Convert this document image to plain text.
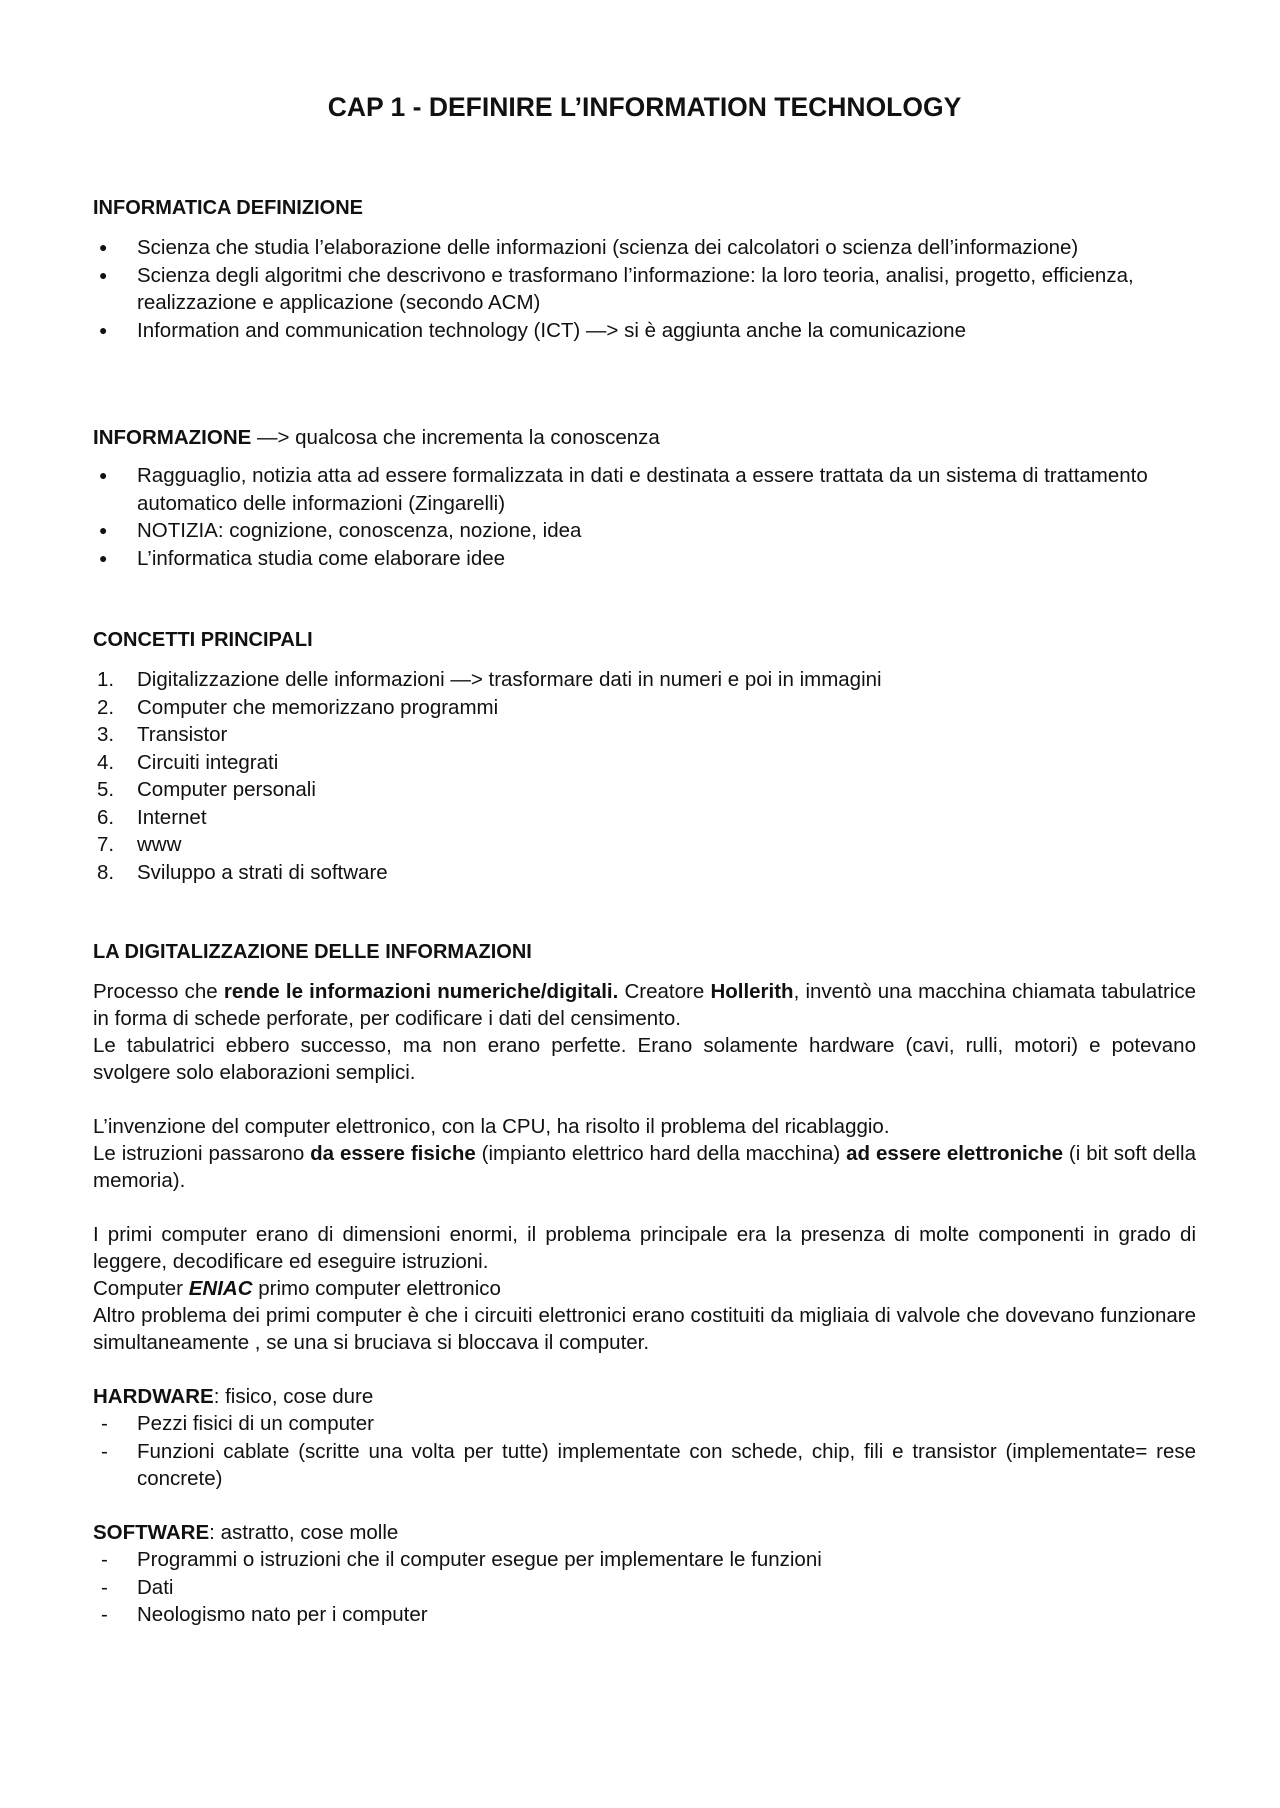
CAP 1 - DEFINIRE L’INFORMATION TECHNOLOGY
INFORMATICA DEFINIZIONE
● Scienza che studia l’elaborazione delle informazioni (scienza dei calcolatori o scienza dell’informazione)
● Scienza degli algoritmi che descrivono e trasformano l’informazione: la loro teoria, analisi, progetto, efficienza, realizzazione e applicazione (secondo ACM)
● Information and communication technology (ICT) —> si è aggiunta anche la comunicazione

INFORMAZIONE —> qualcosa che incrementa la conoscenza

● Ragguaglio, notizia atta ad essere formalizzata in dati e destinata a essere trattata da un sistema di trattamento automatico delle informazioni (Zingarelli)
● NOTIZIA: cognizione, conoscenza, nozione, idea
● L’informatica studia come elaborare idee
CONCETTI PRINCIPALI
1. Digitalizzazione delle informazioni —> trasformare dati in numeri e poi in immagini
2. Computer che memorizzano programmi
3. Transistor
4. Circuiti integrati
5. Computer personali
6. Internet
7. www
8. Sviluppo a strati di software
LA DIGITALIZZAZIONE DELLE INFORMAZIONI

Processo che rende le informazioni numeriche/digitali. Creatore Hollerith, inventò una macchina chiamata tabulatrice in forma di schede perforate, per codificare i dati del censimento.

Le tabulatrici ebbero successo, ma non erano perfette. Erano solamente hardware (cavi, rulli, motori) e potevano svolgere solo elaborazioni semplici.

L’invenzione del computer elettronico, con la CPU, ha risolto il problema del ricablaggio.

Le istruzioni passarono da essere fisiche (impianto elettrico hard della macchina) ad essere elettroniche (i bit soft della memoria).

I primi computer erano di dimensioni enormi, il problema principale era la presenza di molte componenti in grado di leggere, decodificare ed eseguire istruzioni.

Computer ENIAC primo computer elettronico

Altro problema dei primi computer è che i circuiti elettronici erano costituiti da migliaia di valvole che dovevano funzionare simultaneamente , se una si bruciava si bloccava il computer.

HARDWARE: fisico, cose dure

- Pezzi fisici di un computer
- Funzioni cablate (scritte una volta per tutte) implementate con schede, chip, fili e transistor (implementate= rese concrete)

SOFTWARE: astratto, cose molle

- Programmi o istruzioni che il computer esegue per implementare le funzioni
- Dati
- Neologismo nato per i computer
